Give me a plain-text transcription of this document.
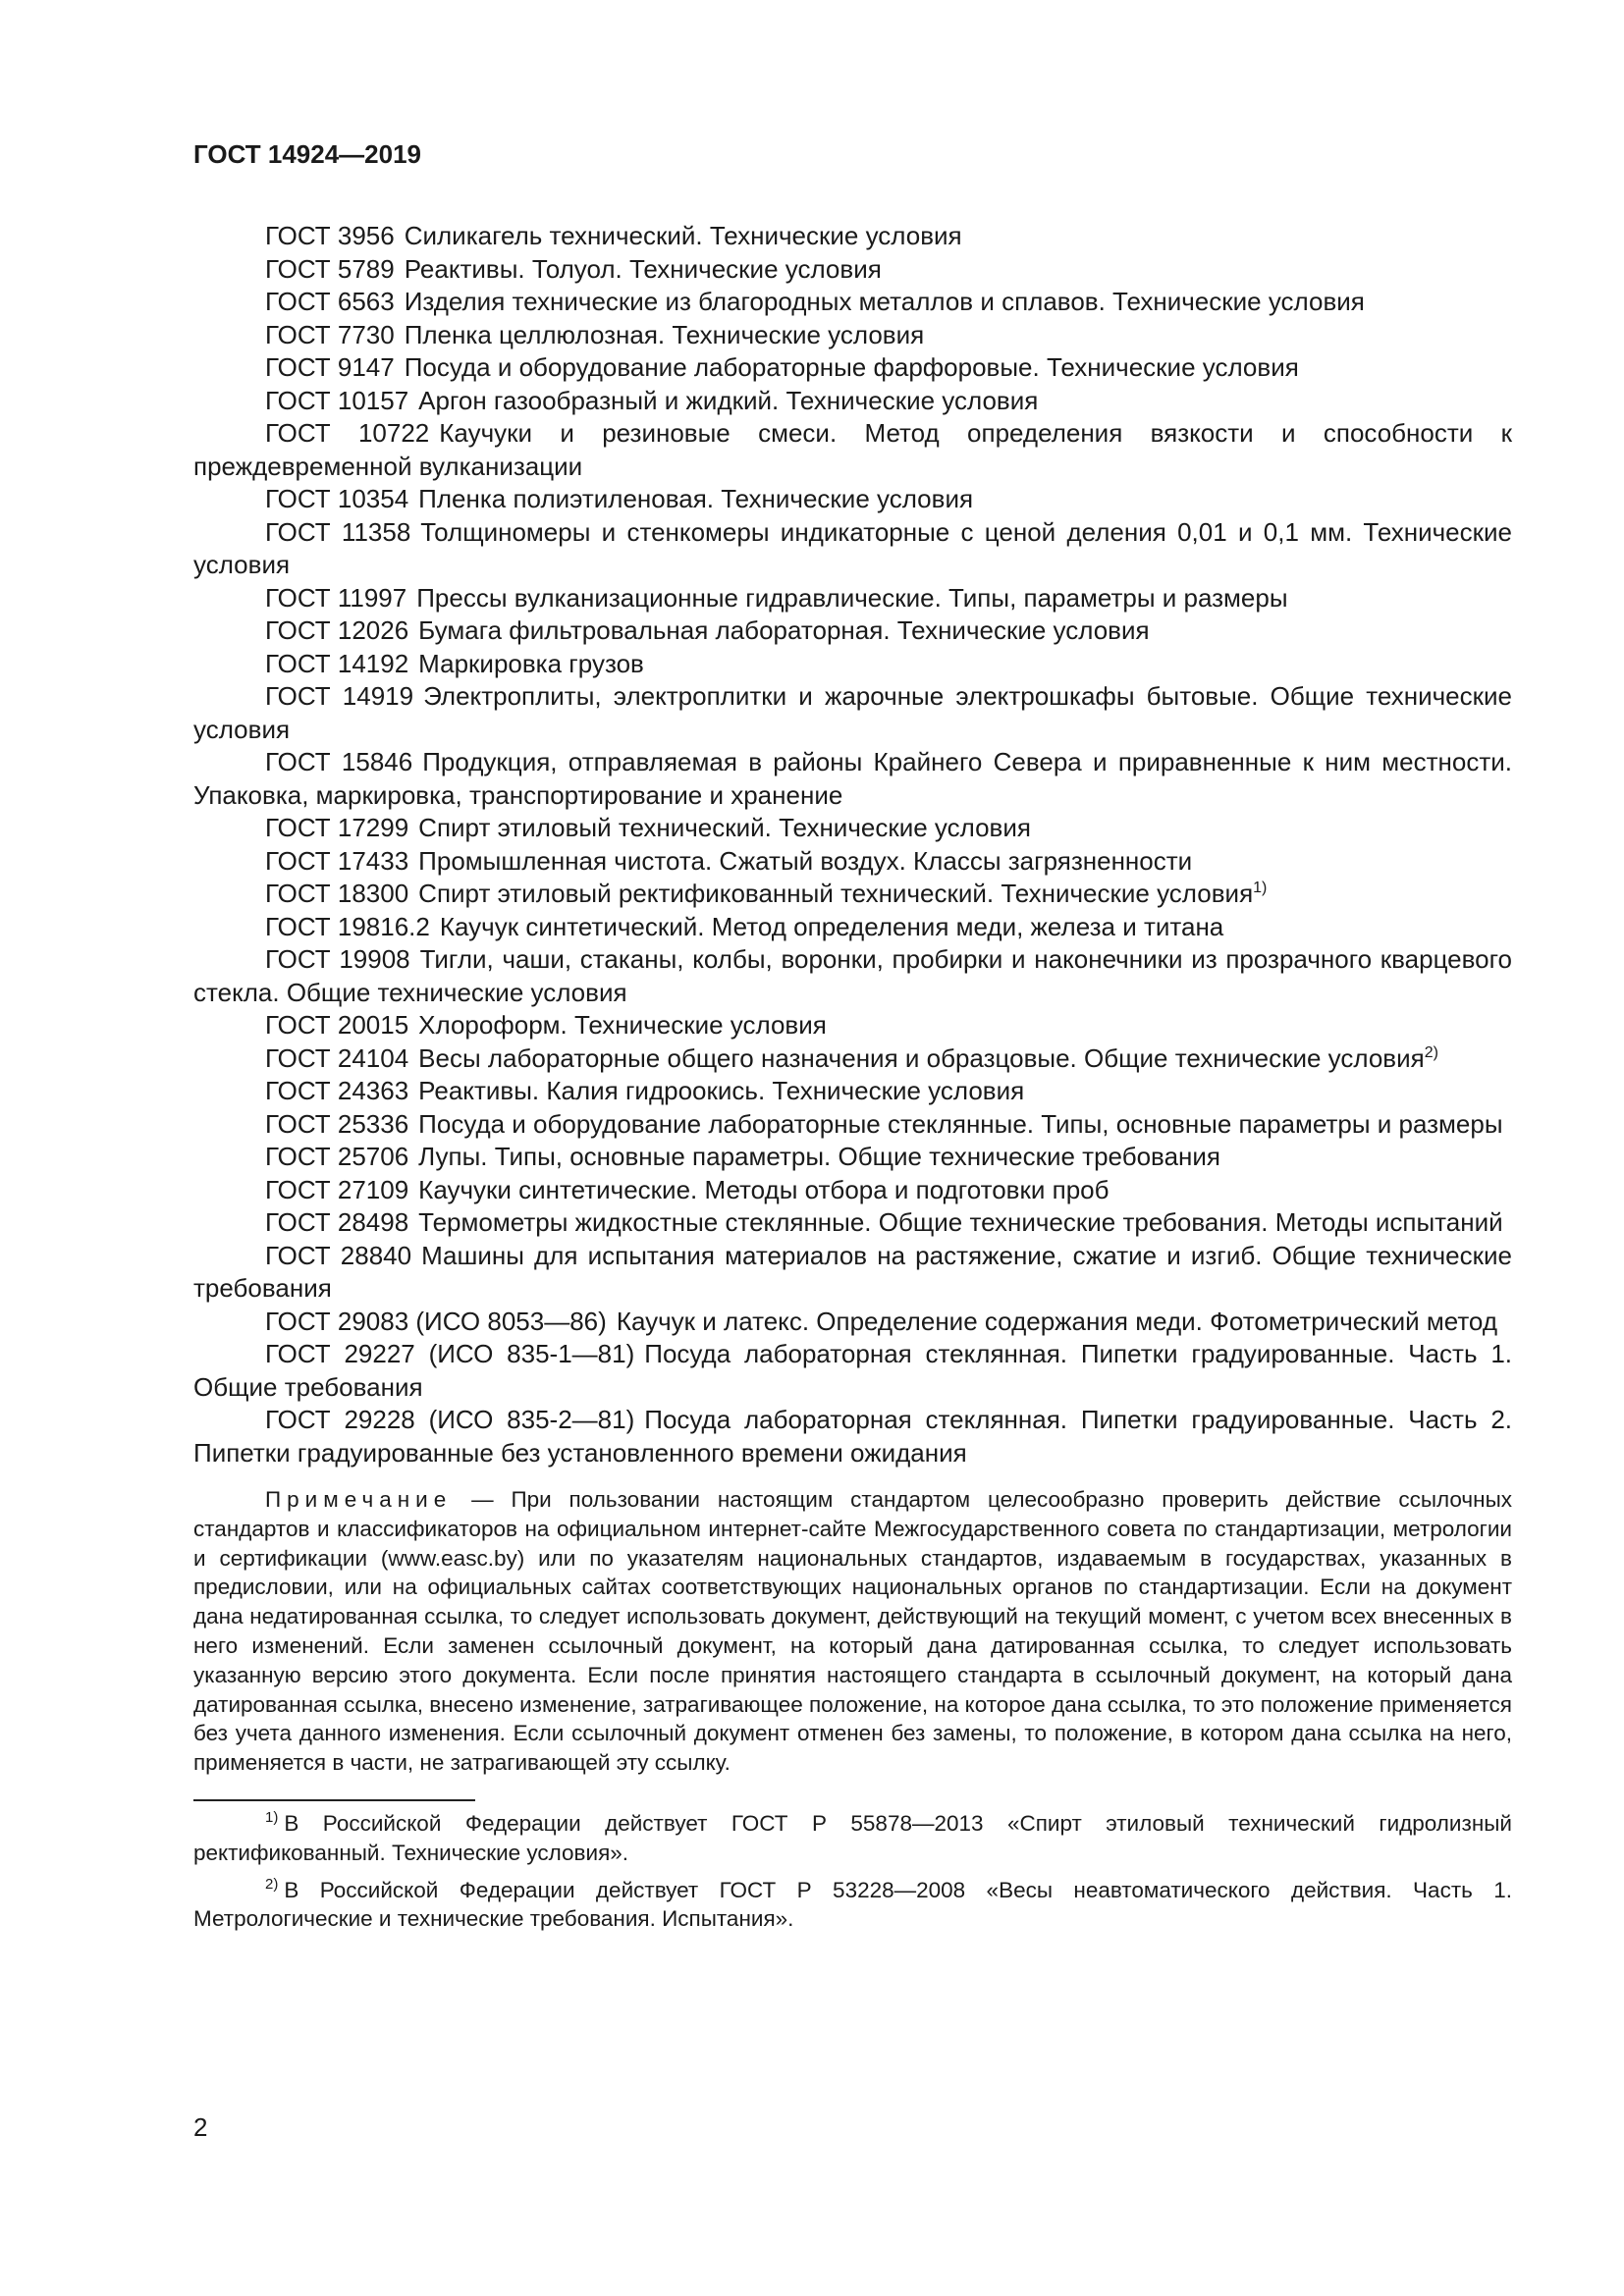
ГОСТ 14924—2019
ГОСТ 3956 Силикагель технический. Технические условия
ГОСТ 5789 Реактивы. Толуол. Технические условия
ГОСТ 6563 Изделия технические из благородных металлов и сплавов. Технические условия
ГОСТ 7730 Пленка целлюлозная. Технические условия
ГОСТ 9147 Посуда и оборудование лабораторные фарфоровые. Технические условия
ГОСТ 10157 Аргон газообразный и жидкий. Технические условия
ГОСТ 10722 Каучуки и резиновые смеси. Метод определения вязкости и способности к преждевременной вулканизации
ГОСТ 10354 Пленка полиэтиленовая. Технические условия
ГОСТ 11358 Толщиномеры и стенкомеры индикаторные с ценой деления 0,01 и 0,1 мм. Технические условия
ГОСТ 11997 Прессы вулканизационные гидравлические. Типы, параметры и размеры
ГОСТ 12026 Бумага фильтровальная лабораторная. Технические условия
ГОСТ 14192 Маркировка грузов
ГОСТ 14919 Электроплиты, электроплитки и жарочные электрошкафы бытовые. Общие технические условия
ГОСТ 15846 Продукция, отправляемая в районы Крайнего Севера и приравненные к ним местности. Упаковка, маркировка, транспортирование и хранение
ГОСТ 17299 Спирт этиловый технический. Технические условия
ГОСТ 17433 Промышленная чистота. Сжатый воздух. Классы загрязненности
ГОСТ 18300 Спирт этиловый ректификованный технический. Технические условия$^{1)}$
ГОСТ 19816.2 Каучук синтетический. Метод определения меди, железа и титана
ГОСТ 19908 Тигли, чаши, стаканы, колбы, воронки, пробирки и наконечники из прозрачного кварцевого стекла. Общие технические условия
ГОСТ 20015 Хлороформ. Технические условия
ГОСТ 24104 Весы лабораторные общего назначения и образцовые. Общие технические условия$^{2)}$
ГОСТ 24363 Реактивы. Калия гидроокись. Технические условия
ГОСТ 25336 Посуда и оборудование лабораторные стеклянные. Типы, основные параметры и размеры
ГОСТ 25706 Лупы. Типы, основные параметры. Общие технические требования
ГОСТ 27109 Каучуки синтетические. Методы отбора и подготовки проб
ГОСТ 28498 Термометры жидкостные стеклянные. Общие технические требования. Методы испытаний
ГОСТ 28840 Машины для испытания материалов на растяжение, сжатие и изгиб. Общие технические требования
ГОСТ 29083 (ИСО 8053—86) Каучук и латекс. Определение содержания меди. Фотометрический метод
ГОСТ 29227 (ИСО 835-1—81) Посуда лабораторная стеклянная. Пипетки градуированные. Часть 1. Общие требования
ГОСТ 29228 (ИСО 835-2—81) Посуда лабораторная стеклянная. Пипетки градуированные. Часть 2. Пипетки градуированные без установленного времени ожидания

Примечание — При пользовании настоящим стандартом целесообразно проверить действие ссылочных стандартов и классификаторов на официальном интернет-сайте Межгосударственного совета по стандартизации, метрологии и сертификации (www.easc.by) или по указателям национальных стандартов, издаваемым в государствах, указанных в предисловии, или на официальных сайтах соответствующих национальных органов по стандартизации. Если на документ дана недатированная ссылка, то следует использовать документ, действующий на текущий момент, с учетом всех внесенных в него изменений. Если заменен ссылочный документ, на который дана датированная ссылка, то следует использовать указанную версию этого документа. Если после принятия настоящего стандарта в ссылочный документ, на который дана датированная ссылка, внесено изменение, затрагивающее положение, на которое дана ссылка, то это положение применяется без учета данного изменения. Если ссылочный документ отменен без замены, то положение, в котором дана ссылка на него, применяется в части, не затрагивающей эту ссылку.

$^{1)}$ В Российской Федерации действует ГОСТ Р 55878—2013 «Спирт этиловый технический гидролизный ректификованный. Технические условия».

$^{2)}$ В Российской Федерации действует ГОСТ Р 53228—2008 «Весы неавтоматического действия. Часть 1. Метрологические и технические требования. Испытания».

2
